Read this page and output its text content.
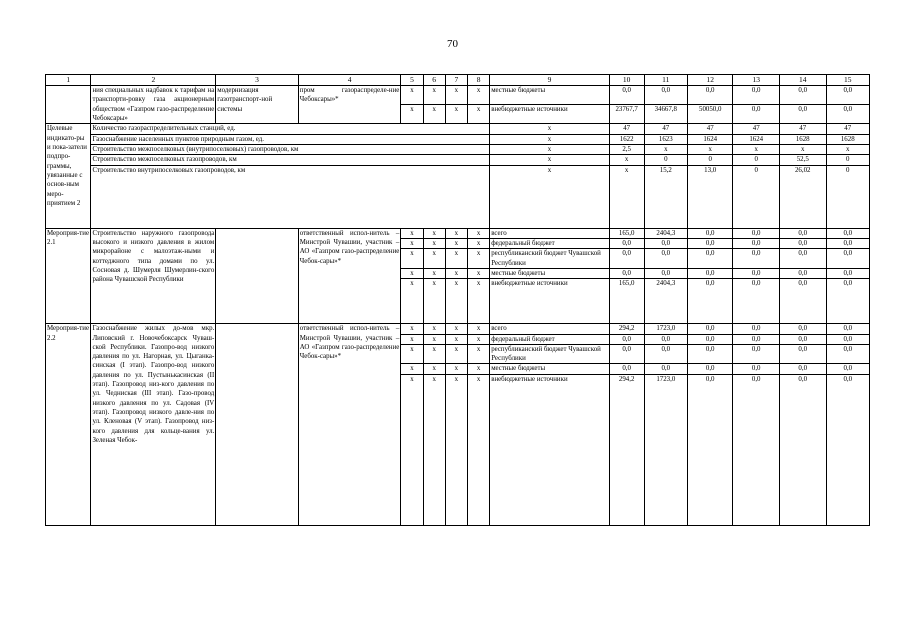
70
1	2	3	4	5	6	7	8	9	10	11	12	13	14	15
	ния специальных надбавок к тарифам на транспорти-ровку газа акционерным обществом «Газпром газо-распределение Чебоксары»	модернизация газотранспорт-ной системы	пром газораспределе-ние Чебоксары»*	x	x	x	x	местные бюджеты	0,0	0,0	0,0	0,0	0,0	0,0
				x	x	x	x	внебюджетные источники	23767,7	34667,8	50050,0	0,0	0,0	0,0
Целевые индикато-ры и пока-затели подпро-граммы, увязанные с основ-ным меро-приятием 2	Количество газораспределительных станций, ед.							x	47	47	47	47	47	47
	Газоснабжение населенных пунктов природным газом, ед.							x	1622	1623	1624	1624	1628	1628
	Строительство межпоселковых (внутрипоселковых) газопроводов, км							x	2,5	x	x	x	x	x
	Строительство межпоселковых газопроводов, км							x	x	0	0	0	52,5	0
	Строительство внутрипоселковых газопроводов, км							x	x	15,2	13,0	0	26,02	0
Мероприя-тие 2.1	Строительство наружного газопровода высокого и низкого давления в жилом микрорайоне с малоэтаж-ными и коттеджного типа домами по ул. Сосновая д. Шумерля Шумерлин-ского района Чувашской Республики		ответственный испол-нитель – Минстрой Чувашии, участник – АО «Газпром газо-распределение Чебок-сары»*	x	x	x	x	всего	165,0	2404,3	0,0	0,0	0,0	0,0
				x	x	x	x	федеральный бюджет	0,0	0,0	0,0	0,0	0,0	0,0
				x	x	x	x	республиканский бюджет Чувашской Республики	0,0	0,0	0,0	0,0	0,0	0,0
				x	x	x	x	местные бюджеты	0,0	0,0	0,0	0,0	0,0	0,0
				x	x	x	x	внебюджетные источники	165,0	2404,3	0,0	0,0	0,0	0,0
Мероприя-тие 2.2	Газоснабжение жилых до-мов мкр. Липовский г. Новочебоксарск Чуваш-ской Республики. Газопро-вод низкого давления по ул. Нагорная, ул. Цыганка-синская (I этап). Газопро-вод низкого давления по ул. Пустынькасинская (II этап). Газопровод низ-кого давления по ул. Чедниская (III этап). Газо-провод низкого давления по ул. Садовая (IV этап). Газопровод низкого давле-ния по ул. Кленовая (V этап). Газопровод низ-кого давления для кольце-вания ул. Зеленая Чебок-		ответственный испол-нитель – Минстрой Чувашии, участник – АО «Газпром газо-распределение Чебок-сары»*	x	x	x	x	всего	294,2	1723,0	0,0	0,0	0,0	0,0
				x	x	x	x	федеральный бюджет	0,0	0,0	0,0	0,0	0,0	0,0
				x	x	x	x	республиканский бюджет Чувашской Республики	0,0	0,0	0,0	0,0	0,0	0,0
				x	x	x	x	местные бюджеты	0,0	0,0	0,0	0,0	0,0	0,0
				x	x	x	x	внебюджетные источники	294,2	1723,0	0,0	0,0	0,0	0,0
